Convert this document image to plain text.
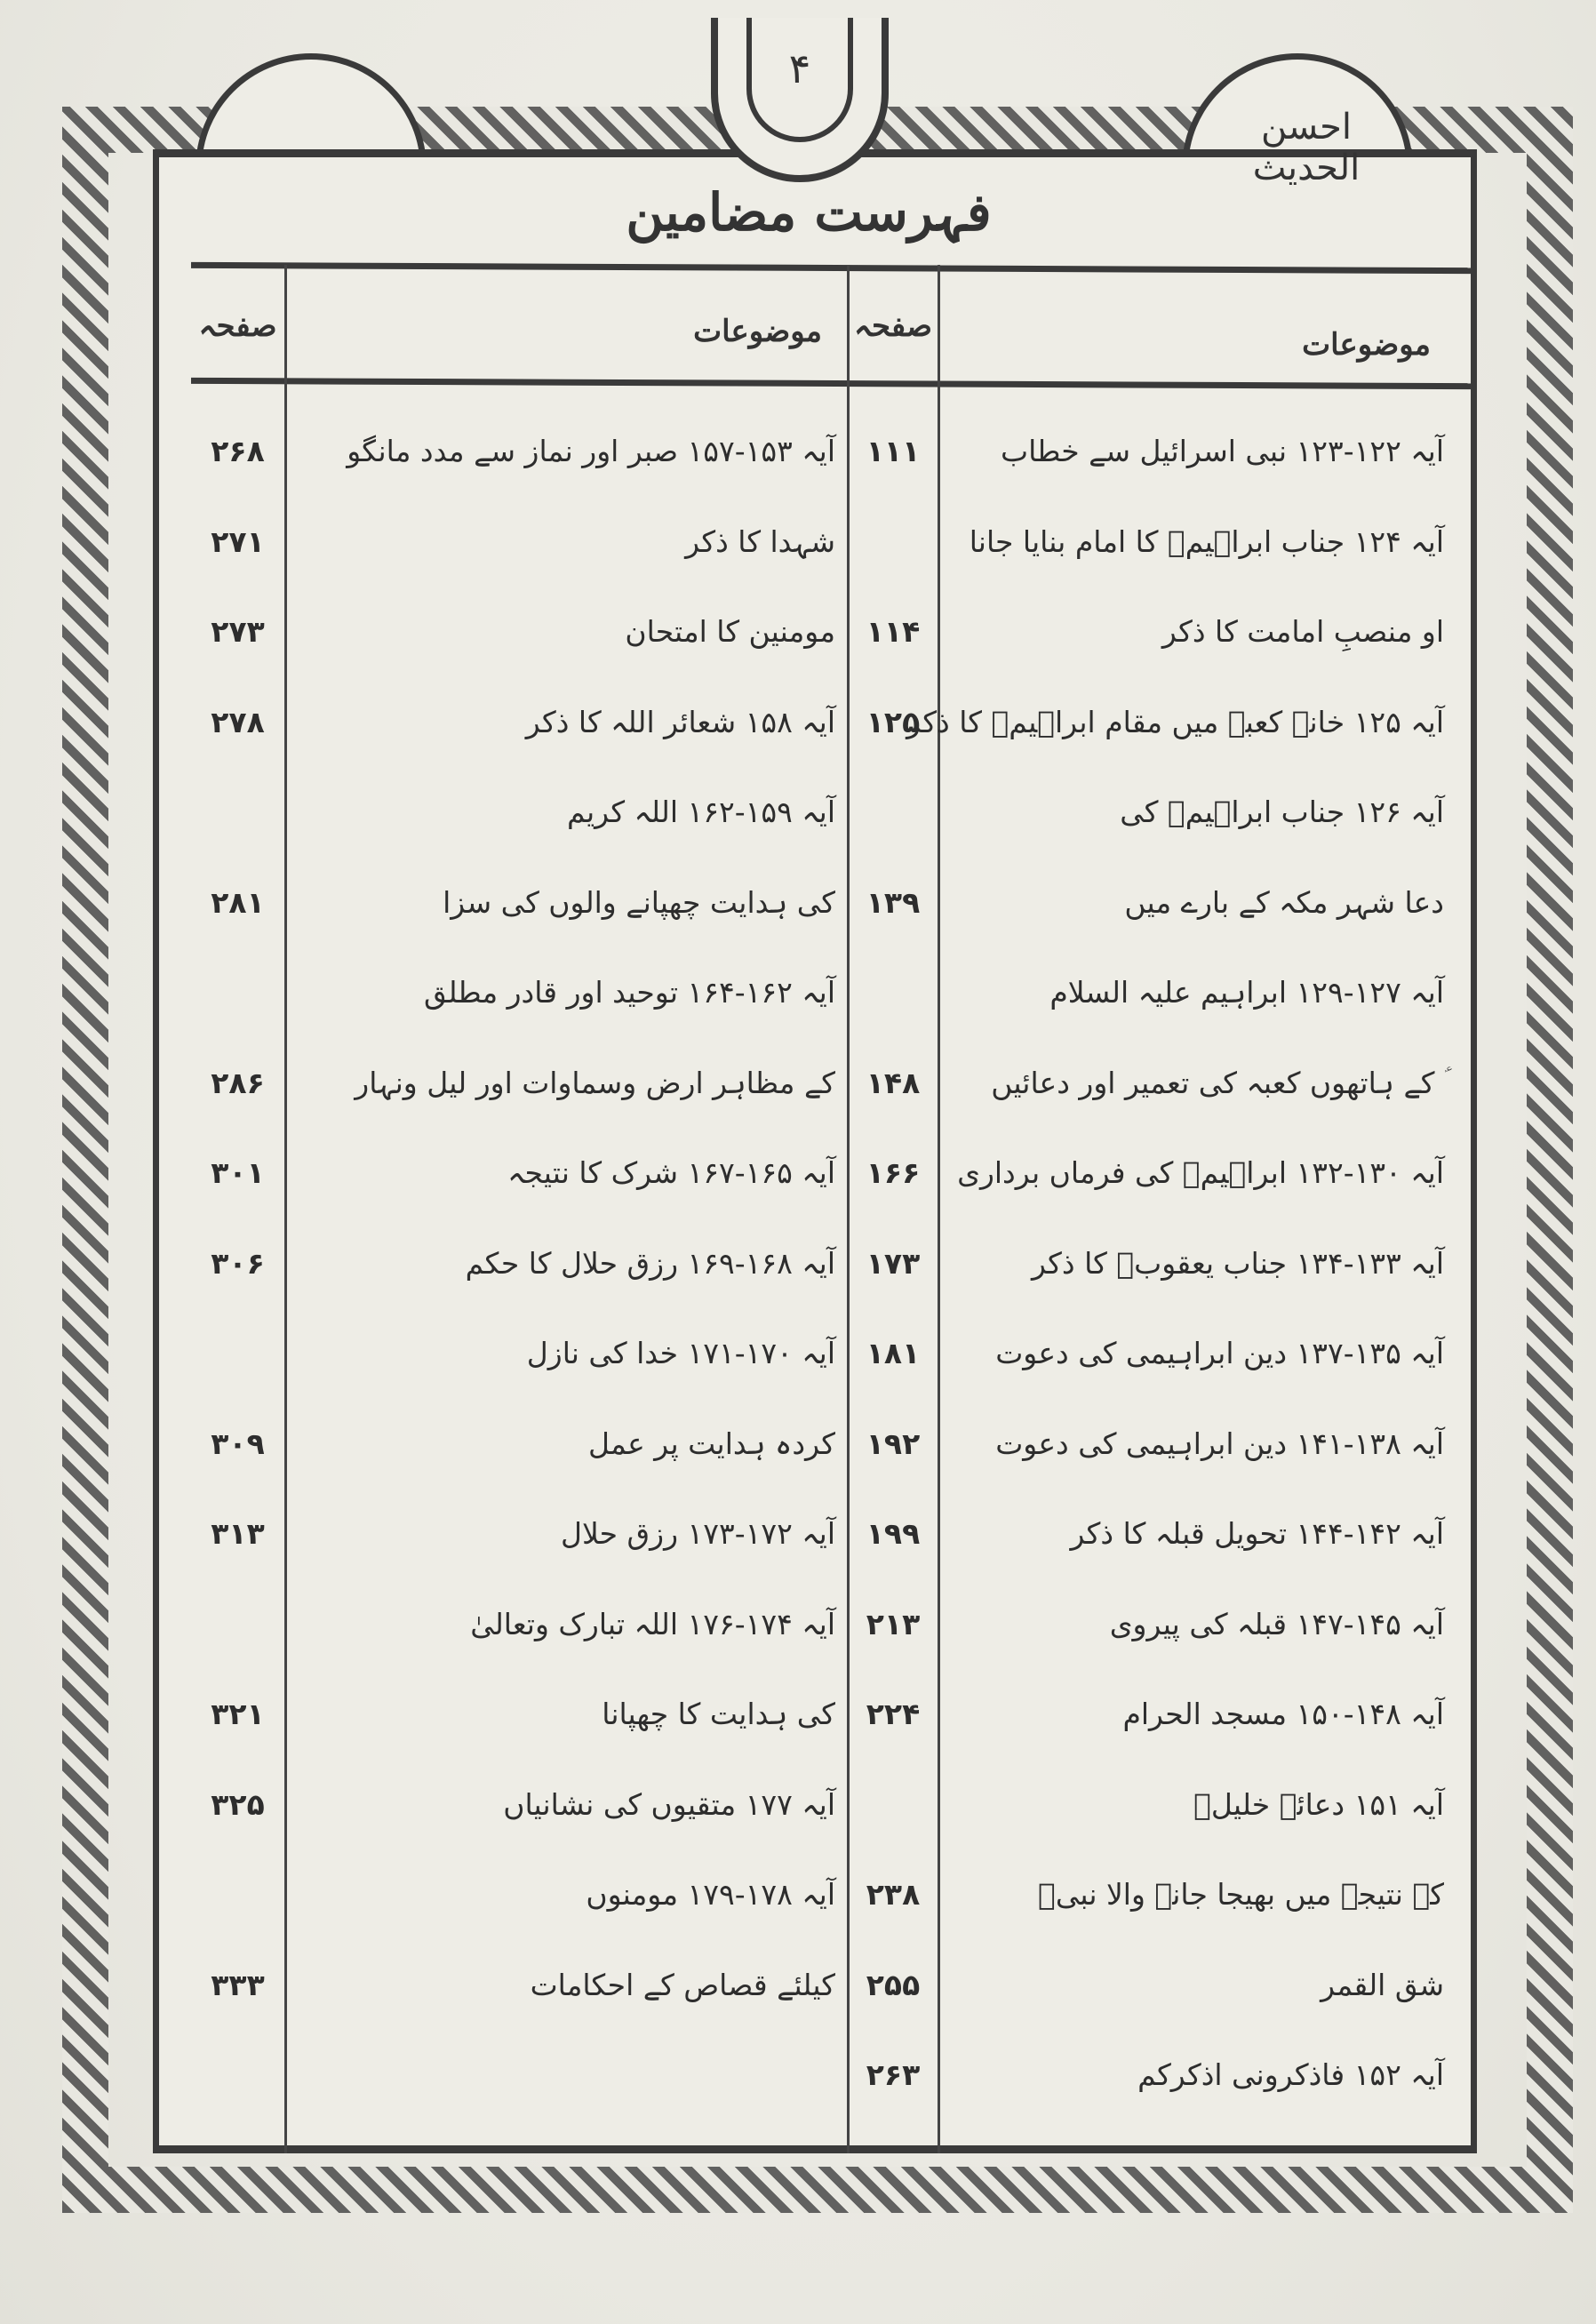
۴
احسن الحدیث
فہرست مضامین
موضوعات
صفحہ
موضوعات
صفحہ
آیہ ۱۲۲-۱۲۳ نبی اسرائیل سے خطاب
۱۱۱
آیہ ۱۵۳-۱۵۷ صبر اور نماز سے مدد مانگو
۲۶۸
آیہ ۱۲۴ جناب ابراہیمؑ کا امام بنایا جانا
شہدا کا ذکر
۲۷۱
او منصبِ امامت کا ذکر
۱۱۴
مومنین کا امتحان
۲۷۳
آیہ ۱۲۵ خانہ کعبہ میں مقام ابراہیمؑ کا ذکر
۱۲۵
آیہ ۱۵۸ شعائر اللہ کا ذکر
۲۷۸
آیہ ۱۲۶ جناب ابراہیمؑ کی
آیہ ۱۵۹-۱۶۲ اللہ کریم
دعا شہر مکہ کے بارے میں
۱۳۹
کی ہدایت چھپانے والوں کی سزا
۲۸۱
آیہ ۱۲۷-۱۲۹ ابراہیم علیہ السلام
آیہ ۱۶۲-۱۶۴ توحید اور قادر مطلق
ؑ کے ہاتھوں کعبہ کی تعمیر اور دعائیں
۱۴۸
کے مظاہر ارض وسماوات اور لیل ونہار
۲۸۶
آیہ ۱۳۰-۱۳۲ ابراہیمؑ کی فرماں برداری
۱۶۶
آیہ ۱۶۵-۱۶۷ شرک کا نتیجہ
۳۰۱
آیہ ۱۳۳-۱۳۴ جناب یعقوبؑ کا ذکر
۱۷۳
آیہ ۱۶۸-۱۶۹ رزق حلال کا حکم
۳۰۶
آیہ ۱۳۵-۱۳۷ دین ابراہیمی کی دعوت
۱۸۱
آیہ ۱۷۰-۱۷۱ خدا کی نازل
آیہ ۱۳۸-۱۴۱ دین ابراہیمی کی دعوت
۱۹۲
کردہ ہدایت پر عمل
۳۰۹
آیہ ۱۴۲-۱۴۴ تحویل قبلہ کا ذکر
۱۹۹
آیہ ۱۷۲-۱۷۳ رزق حلال
۳۱۳
آیہ ۱۴۵-۱۴۷ قبلہ کی پیروی
۲۱۳
آیہ ۱۷۴-۱۷۶ اللہ تبارک وتعالیٰ
آیہ ۱۴۸-۱۵۰ مسجد الحرام
۲۲۴
کی ہدایت کا چھپانا
۳۲۱
آیہ ۱۵۱ دعائے خلیلؑ
آیہ ۱۷۷ متقیوں کی نشانیاں
۳۲۵
کے نتیجہ میں بھیجا جانے والا نبیؐ
۲۳۸
آیہ ۱۷۸-۱۷۹ مومنوں
شق القمر
۲۵۵
کیلئے قصاص کے احکامات
۳۳۳
آیہ ۱۵۲ فاذکرونی اذکرکم
۲۶۳
